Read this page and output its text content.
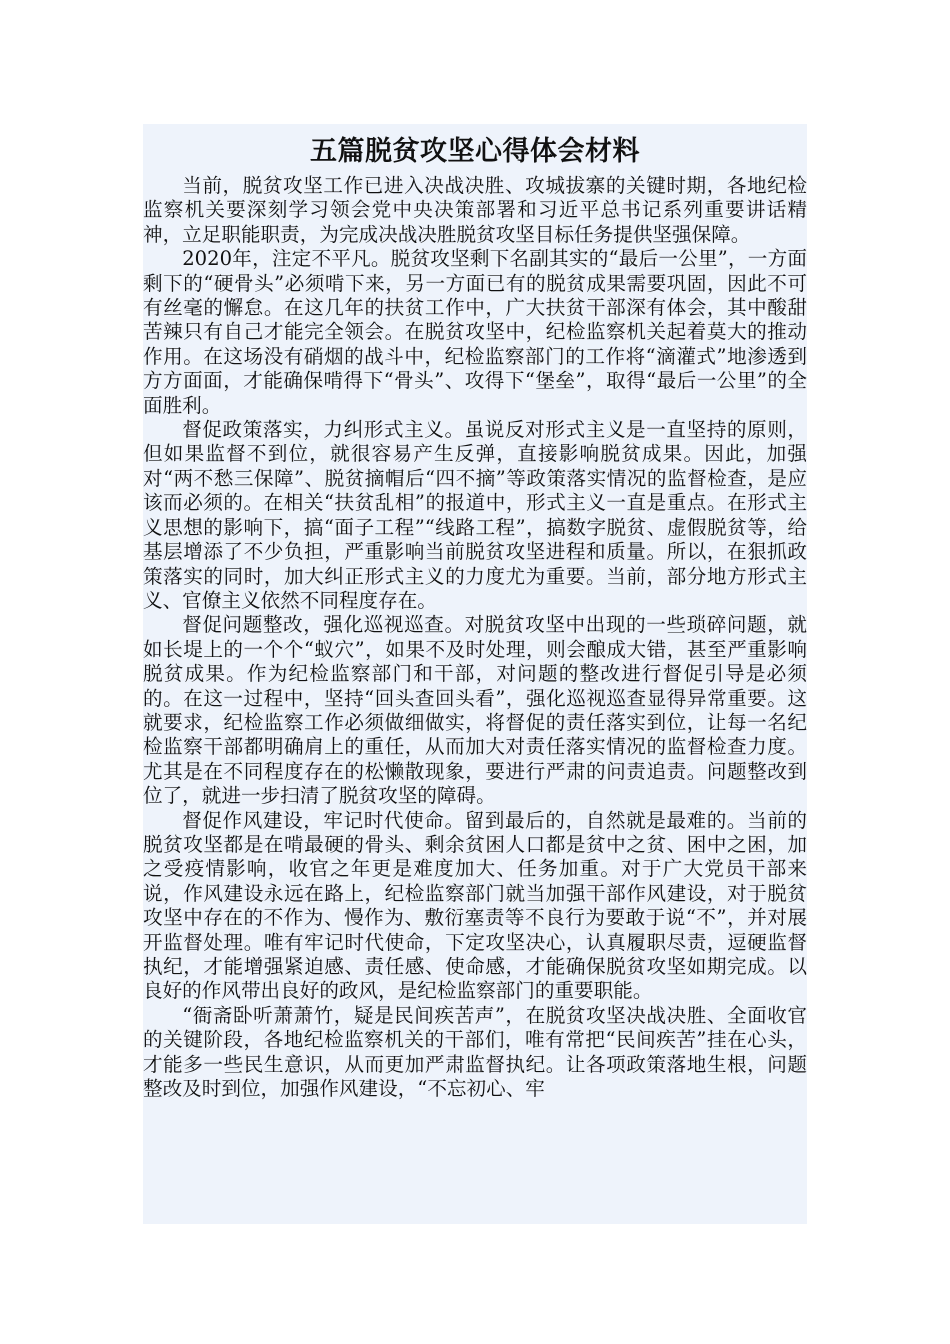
五篇脱贫攻坚心得体会材料

当前，脱贫攻坚工作已进入决战决胜、攻城拔寨的关键时期，各地纪检监察机关要深刻学习领会党中央决策部署和习近平总书记系列重要讲话精神，立足职能职责，为完成决战决胜脱贫攻坚目标任务提供坚强保障。

2020年，注定不平凡。脱贫攻坚剩下名副其实的“最后一公里”，一方面剩下的“硬骨头”必须啃下来，另一方面已有的脱贫成果需要巩固，因此不可有丝毫的懈怠。在这几年的扶贫工作中，广大扶贫干部深有体会，其中酸甜苦辣只有自己才能完全领会。在脱贫攻坚中，纪检监察机关起着莫大的推动作用。在这场没有硝烟的战斗中，纪检监察部门的工作将“滴灌式”地渗透到方方面面，才能确保啃得下“骨头”、攻得下“堡垒”，取得“最后一公里”的全面胜利。

督促政策落实，力纠形式主义。虽说反对形式主义是一直坚持的原则，但如果监督不到位，就很容易产生反弹，直接影响脱贫成果。因此，加强对“两不愁三保障”、脱贫摘帽后“四不摘”等政策落实情况的监督检查，是应该而必须的。在相关“扶贫乱相”的报道中，形式主义一直是重点。在形式主义思想的影响下，搞“面子工程”“线路工程”，搞数字脱贫、虚假脱贫等，给基层增添了不少负担，严重影响当前脱贫攻坚进程和质量。所以，在狠抓政策落实的同时，加大纠正形式主义的力度尤为重要。当前，部分地方形式主义、官僚主义依然不同程度存在。

督促问题整改，强化巡视巡查。对脱贫攻坚中出现的一些琐碎问题，就如长堤上的一个个“蚁穴”，如果不及时处理，则会酿成大错，甚至严重影响脱贫成果。作为纪检监察部门和干部，对问题的整改进行督促引导是必须的。在这一过程中，坚持“回头查回头看”，强化巡视巡查显得异常重要。这就要求，纪检监察工作必须做细做实，将督促的责任落实到位，让每一名纪检监察干部都明确肩上的重任，从而加大对责任落实情况的监督检查力度。尤其是在不同程度存在的松懒散现象，要进行严肃的问责追责。问题整改到位了，就进一步扫清了脱贫攻坚的障碍。

督促作风建设，牢记时代使命。留到最后的，自然就是最难的。当前的脱贫攻坚都是在啃最硬的骨头、剩余贫困人口都是贫中之贫、困中之困，加之受疫情影响，收官之年更是难度加大、任务加重。对于广大党员干部来说，作风建设永远在路上，纪检监察部门就当加强干部作风建设，对于脱贫攻坚中存在的不作为、慢作为、敷衍塞责等不良行为要敢于说“不”，并对展开监督处理。唯有牢记时代使命，下定攻坚决心，认真履职尽责，逗硬监督执纪，才能增强紧迫感、责任感、使命感，才能确保脱贫攻坚如期完成。以良好的作风带出良好的政风，是纪检监察部门的重要职能。

“衙斋卧听萧萧竹，疑是民间疾苦声”，在脱贫攻坚决战决胜、全面收官的关键阶段，各地纪检监察机关的干部们，唯有常把“民间疾苦”挂在心头，才能多一些民生意识，从而更加严肃监督执纪。让各项政策落地生根，问题整改及时到位，加强作风建设，“不忘初心、牢
